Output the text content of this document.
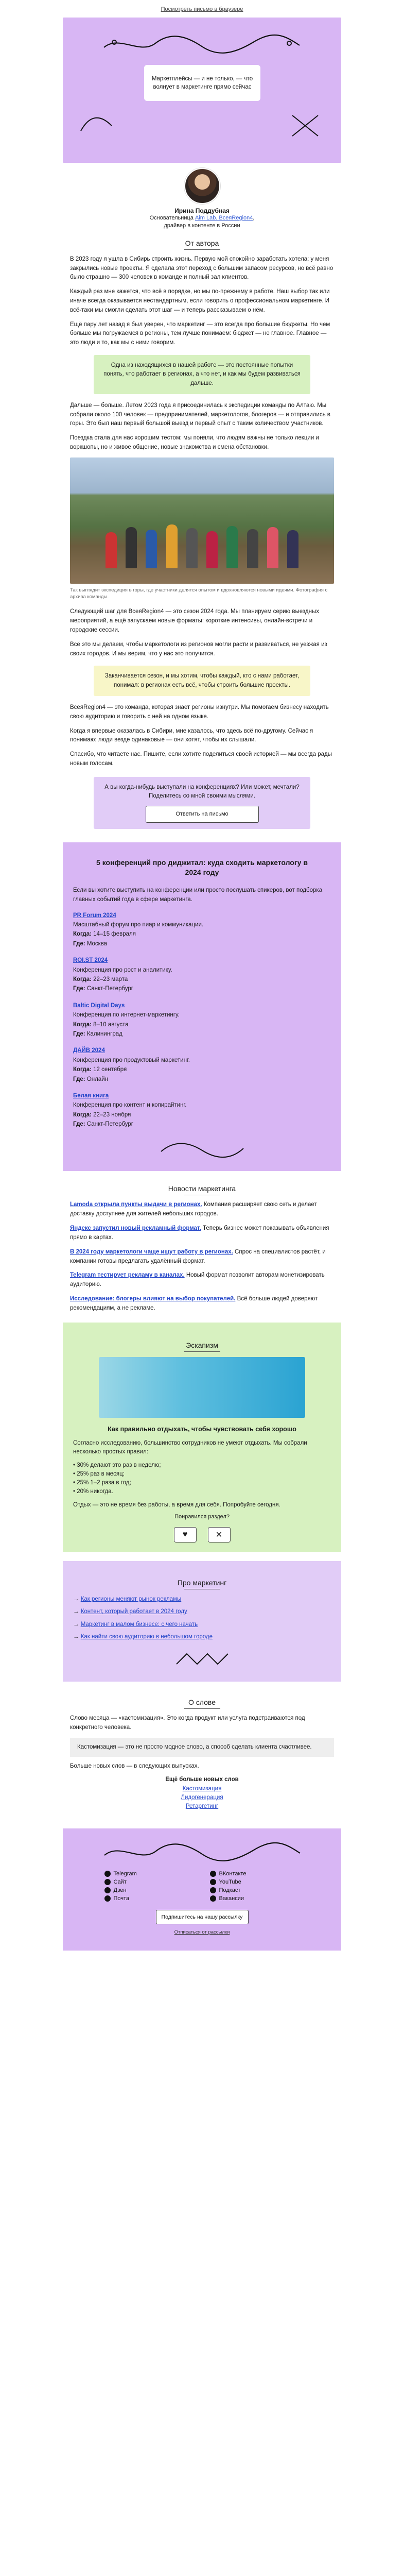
Посмотреть письмо в браузере
Маркетплейсы — и не только, — что волнует в маркетинге прямо сейчас
Ирина Поддубная
Основательница Aim Lab, ВсеяRegion4,
драйвер в контенте в России
От автора

В 2023 году я ушла в Сибирь строить жизнь. Первую мой спокойно заработать хотела: у меня закрылись новые проекты. Я сделала этот переход с большим запасом ресурсов, но всё равно было страшно — 300 человек в команде и полный зал клиентов.

Каждый раз мне кажется, что всё в порядке, но мы по-прежнему в работе. Наш выбор так или иначе всегда оказывается нестандартным, если говорить о профессиональном маркетинге. И всё-таки мы смогли сделать этот шаг — и теперь рассказываем о нём.

Ещё пару лет назад я был уверен, что маркетинг — это всегда про большие бюджеты. Но чем больше мы погружаемся в регионы, тем лучше понимаем: бюджет — не главное. Главное — это люди и то, как мы с ними говорим.

Одна из находящихся в нашей работе — это постоянные попытки понять, что работает в регионах, а что нет, и как мы будем развиваться дальше.

Дальше — больше. Летом 2023 года я присоединилась к экспедиции команды по Алтаю. Мы собрали около 100 человек — предпринимателей, маркетологов, блогеров — и отправились в горы. Это был наш первый большой выезд и первый опыт с таким количеством участников.

Поездка стала для нас хорошим тестом: мы поняли, что людям важны не только лекции и воркшопы, но и живое общение, новые знакомства и смена обстановки.

Так выглядит экспедиция в горы, где участники делятся опытом и вдохновляются новыми идеями. Фотография с архива команды.

Следующий шаг для ВсеяRegion4 — это сезон 2024 года. Мы планируем серию выездных мероприятий, а ещё запускаем новые форматы: короткие интенсивы, онлайн-встречи и городские сессии.

Всё это мы делаем, чтобы маркетологи из регионов могли расти и развиваться, не уезжая из своих городов. И мы верим, что у нас это получится.

Заканчивается сезон, и мы хотим, чтобы каждый, кто с нами работает, понимал: в регионах есть всё, чтобы строить большие проекты.

ВсеяRegion4 — это команда, которая знает регионы изнутри. Мы помогаем бизнесу находить свою аудиторию и говорить с ней на одном языке.

Когда я впервые оказалась в Сибири, мне казалось, что здесь всё по-другому. Сейчас я понимаю: люди везде одинаковые — они хотят, чтобы их слышали.

Спасибо, что читаете нас. Пишите, если хотите поделиться своей историей — мы всегда рады новым голосам.

А вы когда-нибудь выступали на конференциях? Или может, мечтали? Поделитесь со мной своими мыслями.
Ответить на письмо
5 конференций про диджитал: куда сходить маркетологу в 2024 году

Если вы хотите выступить на конференции или просто послушать спикеров, вот подборка главных событий года в сфере маркетинга.

PR Forum 2024
Масштабный форум про пиар и коммуникации.
Когда: 14–15 февраля
Где: Москва
ROI.ST 2024
Конференция про рост и аналитику.
Когда: 22–23 марта
Где: Санкт-Петербург
Baltic Digital Days
Конференция по интернет-маркетингу.
Когда: 8–10 августа
Где: Калининград
ДАЙВ 2024
Конференция про продуктовый маркетинг.
Когда: 12 сентября
Где: Онлайн
Белая книга
Конференция про контент и копирайтинг.
Когда: 22–23 ноября
Где: Санкт-Петербург
Новости маркетинга
Lamoda открыла пункты выдачи в регионах. Компания расширяет свою сеть и делает доставку доступнее для жителей небольших городов.
Яндекс запустил новый рекламный формат. Теперь бизнес может показывать объявления прямо в картах.
В 2024 году маркетологи чаще ищут работу в регионах. Спрос на специалистов растёт, и компании готовы предлагать удалённый формат.
Telegram тестирует рекламу в каналах. Новый формат позволит авторам монетизировать аудиторию.
Исследование: блогеры влияют на выбор покупателей. Всё больше людей доверяют рекомендациям, а не рекламе.
Эскапизм
Как правильно отдыхать, чтобы чувствовать себя хорошо

Согласно исследованию, большинство сотрудников не умеют отдыхать. Мы собрали несколько простых правил:

• 30% делают это раз в неделю;
• 25% раз в месяц;
• 25% 1–2 раза в год;
• 20% никогда.

Отдых — это не время без работы, а время для себя. Попробуйте сегодня.

Понравился раздел?
♥	✕
Про маркетинг
→ Как регионы меняют рынок рекламы
→ Контент, который работает в 2024 году
→ Маркетинг в малом бизнесе: с чего начать
→ Как найти свою аудиторию в небольшом городе
О слове

Слово месяца — «кастомизация». Это когда продукт или услуга подстраиваются под конкретного человека.

Кастомизация — это не просто модное слово, а способ сделать клиента счастливее.

Больше новых слов — в следующих выпусках.

Ещё больше новых слов
Кастомизация
Лидогенерация
Ретаргетинг
Telegram	ВКонтакте
Сайт	YouTube
Дзен	Подкаст
Почта	Вакансии
Подпишитесь на нашу рассылку
Отписаться от рассылки
